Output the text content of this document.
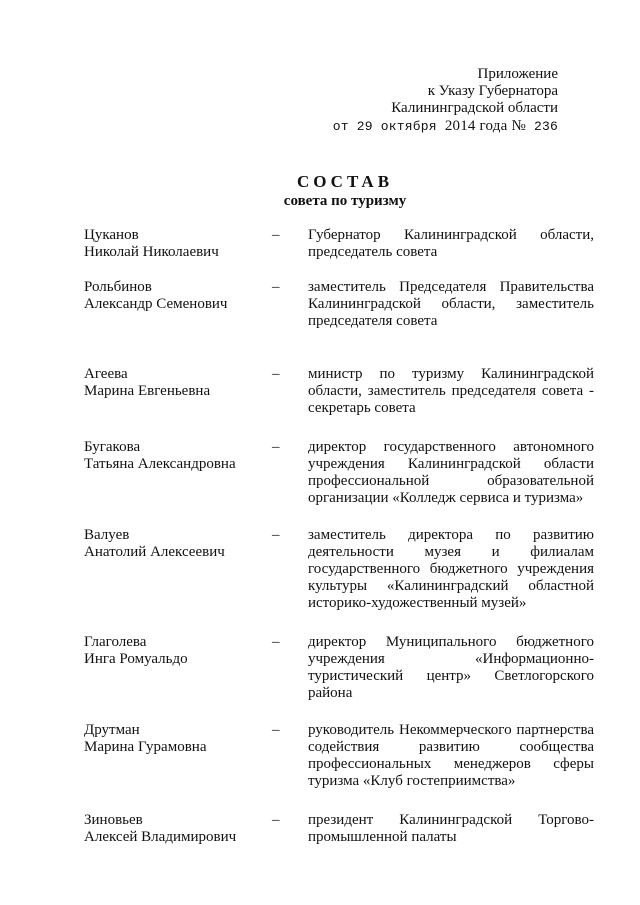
Приложение
к Указу Губернатора
Калининградской области
от 29 октября 2014 года № 236
СОСТАВ
совета по туризму
Цуканов
Николай Николаевич
–	Губернатор Калининградской области, председатель совета
Рольбинов
Александр Семенович
–	заместитель Председателя Правительства Калининградской области, заместитель председателя совета
Агеева
Марина Евгеньевна
–	министр по туризму Калининградской области, заместитель председателя совета - секретарь совета
Бугакова
Татьяна Александровна
–	директор государственного автономного учреждения Калининградской области профессиональной образовательной организации «Колледж сервиса и туризма»
Валуев
Анатолий Алексеевич
–	заместитель директора по развитию деятельности музея и филиалам государственного бюджетного учреждения культуры «Калининградский областной историко-художественный музей»
Глаголева
Инга Ромуальдо
–	директор Муниципального бюджетного учреждения «Информационно-туристический центр» Светлогорского района
Друтман
Марина Гурамовна
–	руководитель Некоммерческого партнерства содействия развитию сообщества профессиональных менеджеров сферы туризма «Клуб гостеприимства»
Зиновьев
Алексей Владимирович
–	президент Калининградской Торгово-промышленной палаты
